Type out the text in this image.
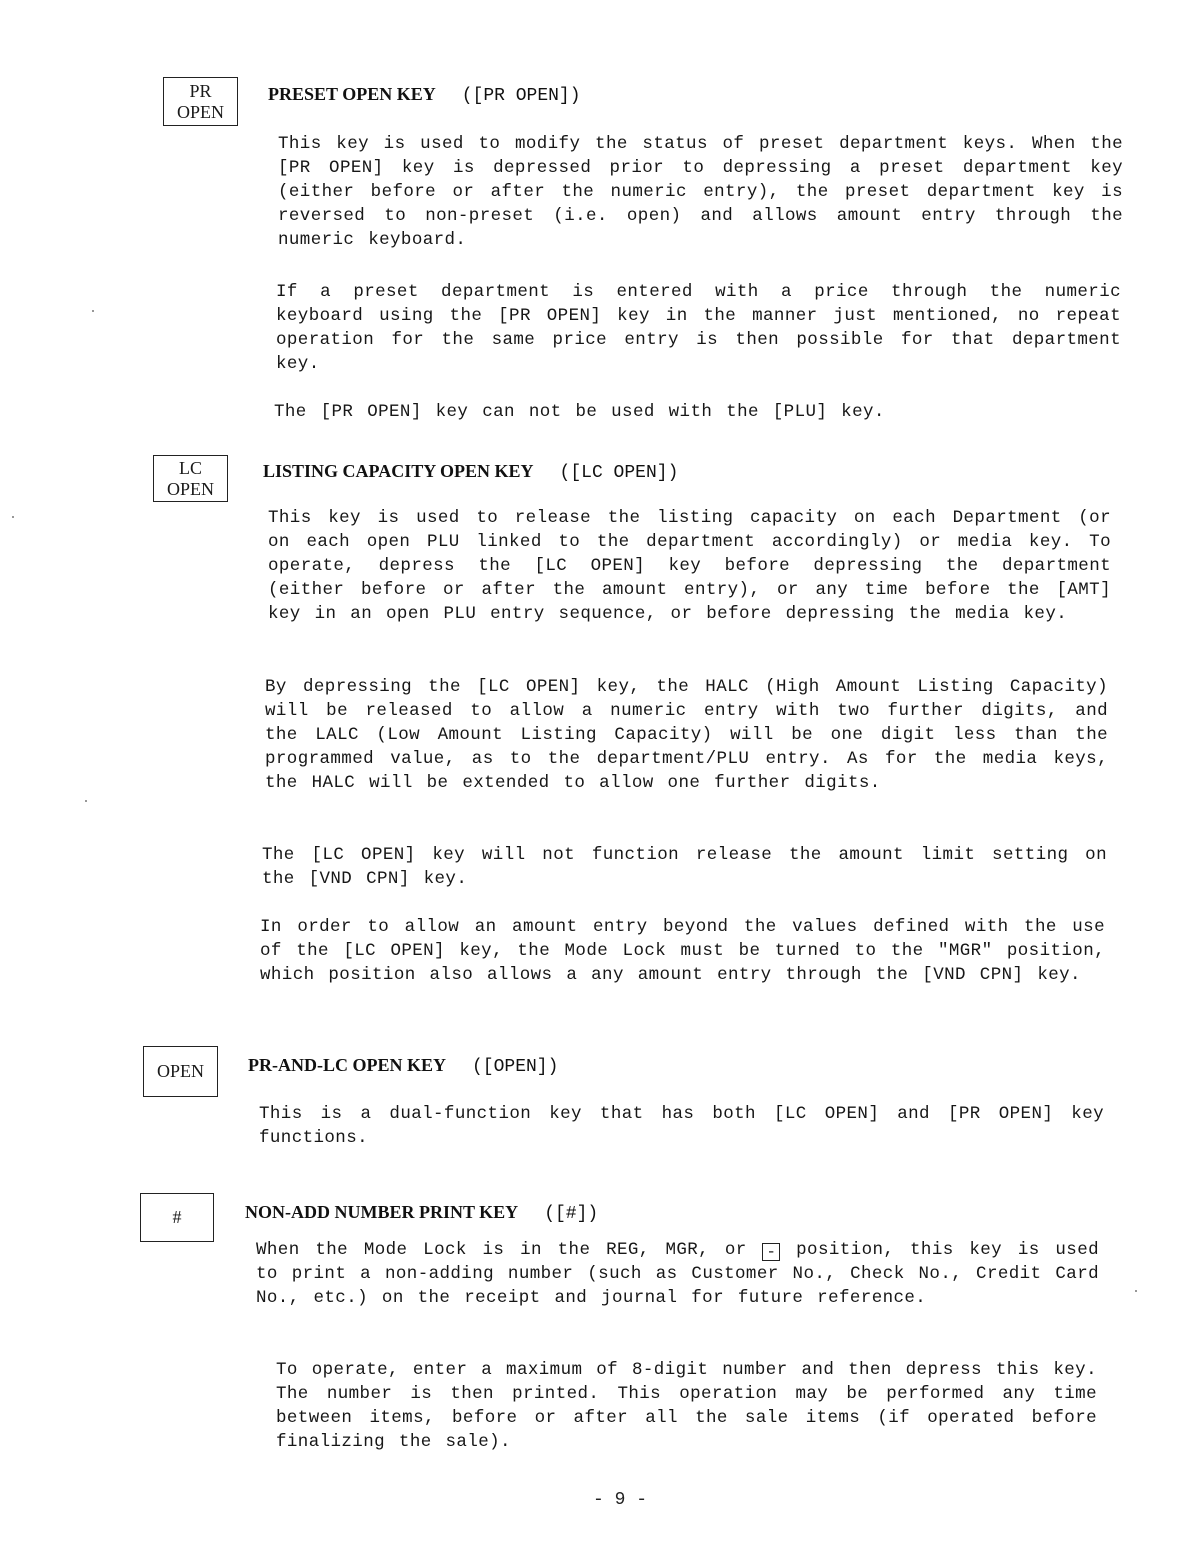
PR
OPEN
PRESET OPEN KEY ([PR OPEN])

This key is used to modify the status of preset department keys. When the [PR OPEN] key is depressed prior to depressing a preset department key (either before or after the numeric entry), the preset department key is reversed to non-preset (i.e. open) and allows amount entry through the numeric keyboard.

If a preset department is entered with a price through the numeric keyboard using the [PR OPEN] key in the manner just mentioned, no repeat operation for the same price entry is then possible for that department key.

The [PR OPEN] key can not be used with the [PLU] key.

LC
OPEN
LISTING CAPACITY OPEN KEY ([LC OPEN])

This key is used to release the listing capacity on each Department (or on each open PLU linked to the department accordingly) or media key. To operate, depress the [LC OPEN] key before depressing the department (either before or after the amount entry), or any time before the [AMT] key in an open PLU entry sequence, or before depressing the media key.

By depressing the [LC OPEN] key, the HALC (High Amount Listing Capacity) will be released to allow a numeric entry with two further digits, and the LALC (Low Amount Listing Capacity) will be one digit less than the programmed value, as to the department/PLU entry. As for the media keys, the HALC will be extended to allow one further digits.

The [LC OPEN] key will not function release the amount limit setting on the [VND CPN] key.

In order to allow an amount entry beyond the values defined with the use of the [LC OPEN] key, the Mode Lock must be turned to the "MGR" position, which position also allows a any amount entry through the [VND CPN] key.

OPEN	PR-AND-LC OPEN KEY ([OPEN])

This is a dual-function key that has both [LC OPEN] and [PR OPEN] key functions.

#	NON-ADD NUMBER PRINT KEY ([#])

When the Mode Lock is in the REG, MGR, or - position, this key is used to print a non-adding number (such as Customer No., Check No., Credit Card No., etc.) on the receipt and journal for future reference.

To operate, enter a maximum of 8-digit number and then depress this key. The number is then printed. This operation may be performed any time between items, before or after all the sale items (if operated before finalizing the sale).

- 9 -
